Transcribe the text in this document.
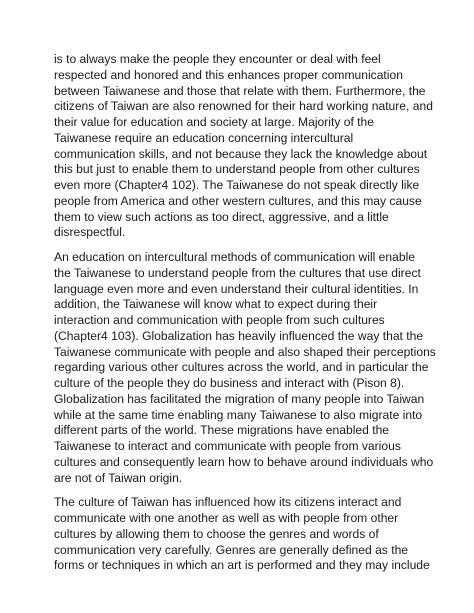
is to always make the people they encounter or deal with feel
respected and honored and this enhances proper communication
between Taiwanese and those that relate with them. Furthermore, the
citizens of Taiwan are also renowned for their hard working nature, and
their value for education and society at large. Majority of the
Taiwanese require an education concerning intercultural
communication skills, and not because they lack the knowledge about
this but just to enable them to understand people from other cultures
even more (Chapter4 102). The Taiwanese do not speak directly like
people from America and other western cultures, and this may cause
them to view such actions as too direct, aggressive, and a little
disrespectful.

An education on intercultural methods of communication will enable
the Taiwanese to understand people from the cultures that use direct
language even more and even understand their cultural identities. In
addition, the Taiwanese will know what to expect during their
interaction and communication with people from such cultures
(Chapter4 103). Globalization has heavily influenced the way that the
Taiwanese communicate with people and also shaped their perceptions
regarding various other cultures across the world, and in particular the
culture of the people they do business and interact with (Pison 8).
Globalization has facilitated the migration of many people into Taiwan
while at the same time enabling many Taiwanese to also migrate into
different parts of the world. These migrations have enabled the
Taiwanese to interact and communicate with people from various
cultures and consequently learn how to behave around individuals who
are not of Taiwan origin.

The culture of Taiwan has influenced how its citizens interact and
communicate with one another as well as with people from other
cultures by allowing them to choose the genres and words of
communication very carefully. Genres are generally defined as the
forms or techniques in which an art is performed and they may include
